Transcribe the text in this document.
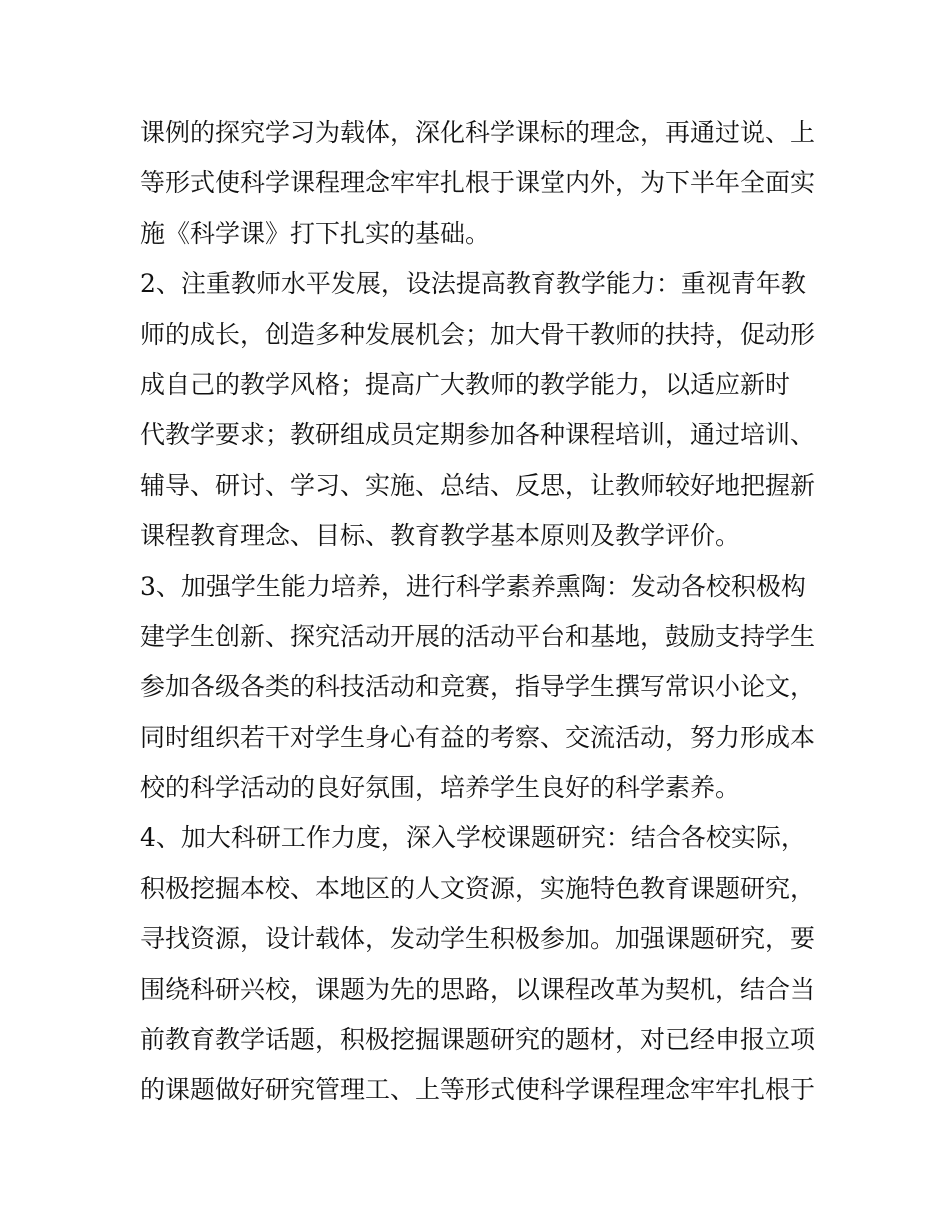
课例的探究学习为载体，深化科学课标的理念，再通过说、上
等形式使科学课程理念牢牢扎根于课堂内外，为下半年全面实
施《科学课》打下扎实的基础。
2、注重教师水平发展，设法提高教育教学能力：重视青年教
师的成长，创造多种发展机会；加大骨干教师的扶持，促动形
成自己的教学风格；提高广大教师的教学能力，以适应新时
代教学要求；教研组成员定期参加各种课程培训，通过培训、
辅导、研讨、学习、实施、总结、反思，让教师较好地把握新
课程教育理念、目标、教育教学基本原则及教学评价。
3、加强学生能力培养，进行科学素养熏陶：发动各校积极构
建学生创新、探究活动开展的活动平台和基地，鼓励支持学生
参加各级各类的科技活动和竞赛，指导学生撰写常识小论文，
同时组织若干对学生身心有益的考察、交流活动，努力形成本
校的科学活动的良好氛围，培养学生良好的科学素养。
4、加大科研工作力度，深入学校课题研究：结合各校实际，
积极挖掘本校、本地区的人文资源，实施特色教育课题研究，
寻找资源，设计载体，发动学生积极参加。加强课题研究，要
围绕科研兴校，课题为先的思路，以课程改革为契机，结合当
前教育教学话题，积极挖掘课题研究的题材，对已经申报立项
的课题做好研究管理工、上等形式使科学课程理念牢牢扎根于
